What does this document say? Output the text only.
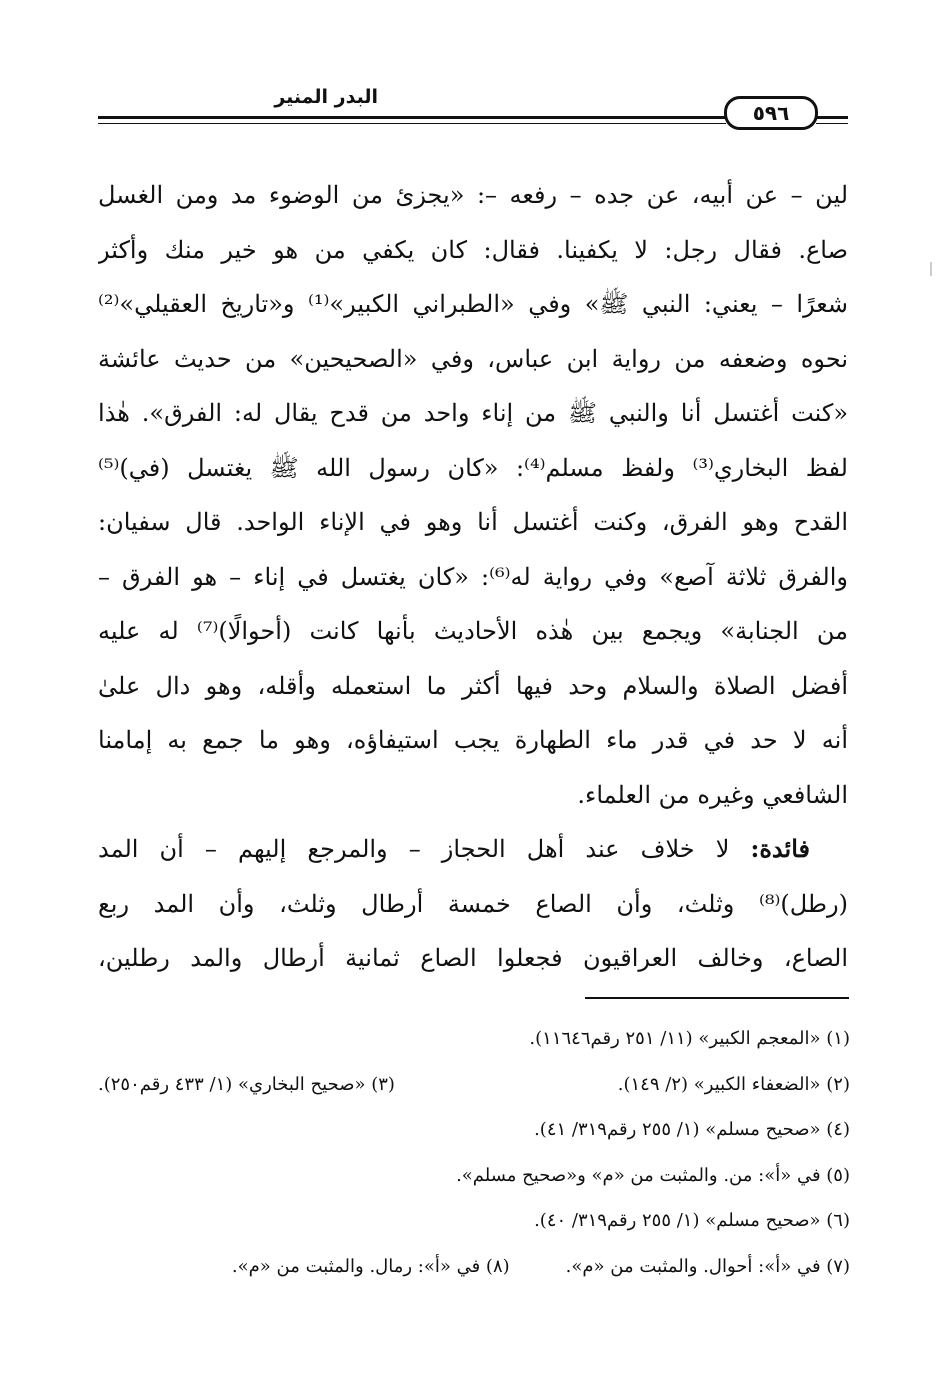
البدر المنير
٥٩٦
لين – عن أبيه، عن جده – رفعه –: «يجزئ من الوضوء مد ومن الغسل
صاع. فقال رجل: لا يكفينا. فقال: كان يكفي من هو خير منك وأكثر
شعرًا – يعني: النبي ﷺ» وفي «الطبراني الكبير»⁽¹⁾ و«تاريخ العقيلي»⁽²⁾
نحوه وضعفه من رواية ابن عباس، وفي «الصحيحين» من حديث عائشة
«كنت أغتسل أنا والنبي ﷺ من إناء واحد من قدح يقال له: الفرق». هٰذا
لفظ البخاري⁽³⁾ ولفظ مسلم⁽⁴⁾: «كان رسول الله ﷺ يغتسل (في)⁽⁵⁾
القدح وهو الفرق، وكنت أغتسل أنا وهو في الإناء الواحد. قال سفيان:
والفرق ثلاثة آصع» وفي رواية له⁽⁶⁾: «كان يغتسل في إناء – هو الفرق –
من الجنابة» ويجمع بين هٰذه الأحاديث بأنها كانت (أحوالًا)⁽⁷⁾ له عليه
أفضل الصلاة والسلام وحد فيها أكثر ما استعمله وأقله، وهو دال علىٰ
أنه لا حد في قدر ماء الطهارة يجب استيفاؤه، وهو ما جمع به إمامنا
الشافعي وغيره من العلماء.
فائدة: لا خلاف عند أهل الحجاز – والمرجع إليهم – أن المد
(رطل)⁽⁸⁾ وثلث، وأن الصاع خمسة أرطال وثلث، وأن المد ربع
الصاع، وخالف العراقيون فجعلوا الصاع ثمانية أرطال والمد رطلين،
(١) «المعجم الكبير» (١١/ ٢٥١ رقم١١٦٤٦).
(٢) «الضعفاء الكبير» (٢/ ١٤٩).
(٣) «صحيح البخاري» (١/ ٤٣٣ رقم٢٥٠).
(٤) «صحيح مسلم» (١/ ٢٥٥ رقم٣١٩/ ٤١).
(٥) في «أ»: من. والمثبت من «م» و«صحيح مسلم».
(٦) «صحيح مسلم» (١/ ٢٥٥ رقم٣١٩/ ٤٠).
(٧) في «أ»: أحوال. والمثبت من «م».
(٨) في «أ»: رمال. والمثبت من «م».
